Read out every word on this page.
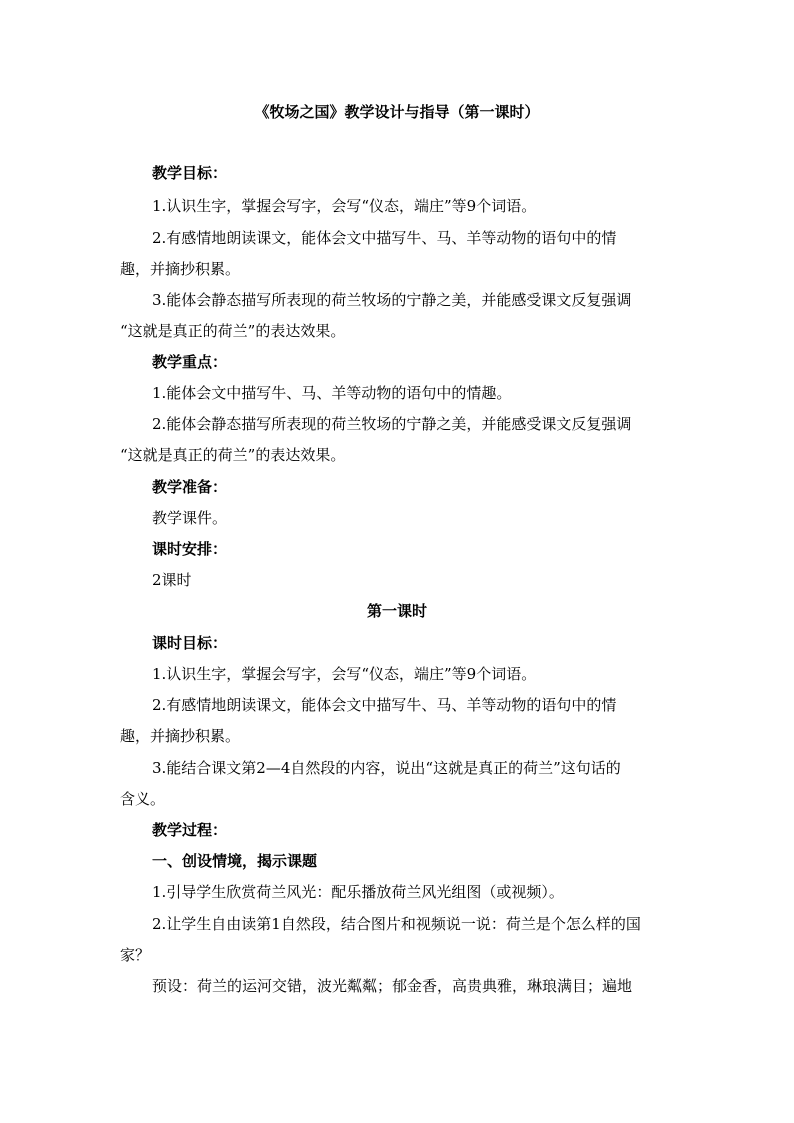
《牧场之国》教学设计与指导（第一课时）
教学目标：
1.认识生字，掌握会写字，会写“仪态，端庄”等9个词语。
2.有感情地朗读课文，能体会文中描写牛、马、羊等动物的语句中的情
趣，并摘抄积累。
3.能体会静态描写所表现的荷兰牧场的宁静之美，并能感受课文反复强调
“这就是真正的荷兰”的表达效果。
教学重点：
1.能体会文中描写牛、马、羊等动物的语句中的情趣。
2.能体会静态描写所表现的荷兰牧场的宁静之美，并能感受课文反复强调
“这就是真正的荷兰”的表达效果。
教学准备：
教学课件。
课时安排：
2课时
第一课时
课时目标：
1.认识生字，掌握会写字，会写“仪态，端庄”等9个词语。
2.有感情地朗读课文，能体会文中描写牛、马、羊等动物的语句中的情
趣，并摘抄积累。
3.能结合课文第2—4自然段的内容，说出“这就是真正的荷兰”这句话的
含义。
教学过程：
一、创设情境，揭示课题
1.引导学生欣赏荷兰风光：配乐播放荷兰风光组图（或视频）。
2.让学生自由读第1自然段，结合图片和视频说一说：荷兰是个怎么样的国
家？
预设：荷兰的运河交错，波光粼粼；郁金香，高贵典雅，琳琅满目；遍地
